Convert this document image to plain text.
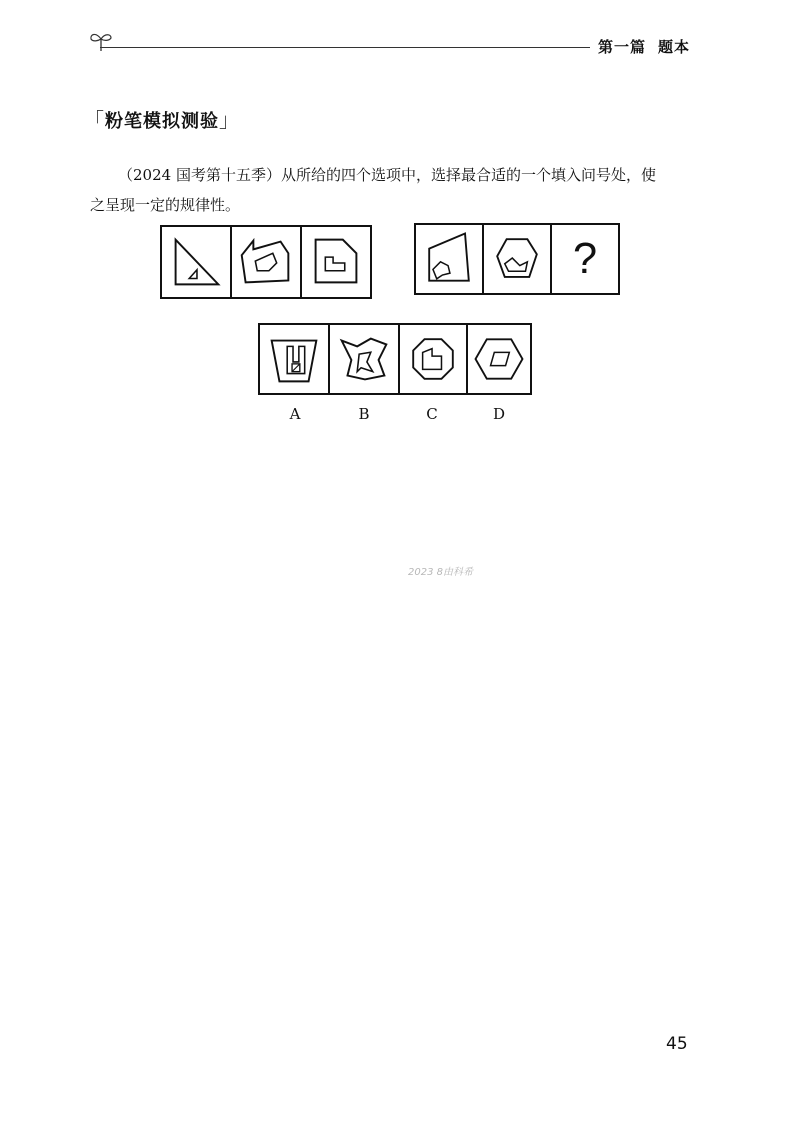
第一篇 题本
「粉笔模拟测验」
（2024 国考第十五季）从所给的四个选项中，选择最合适的一个填入问号处，使
之呈现一定的规律性。
?
A	B	C	D
2023 8由科希
45
